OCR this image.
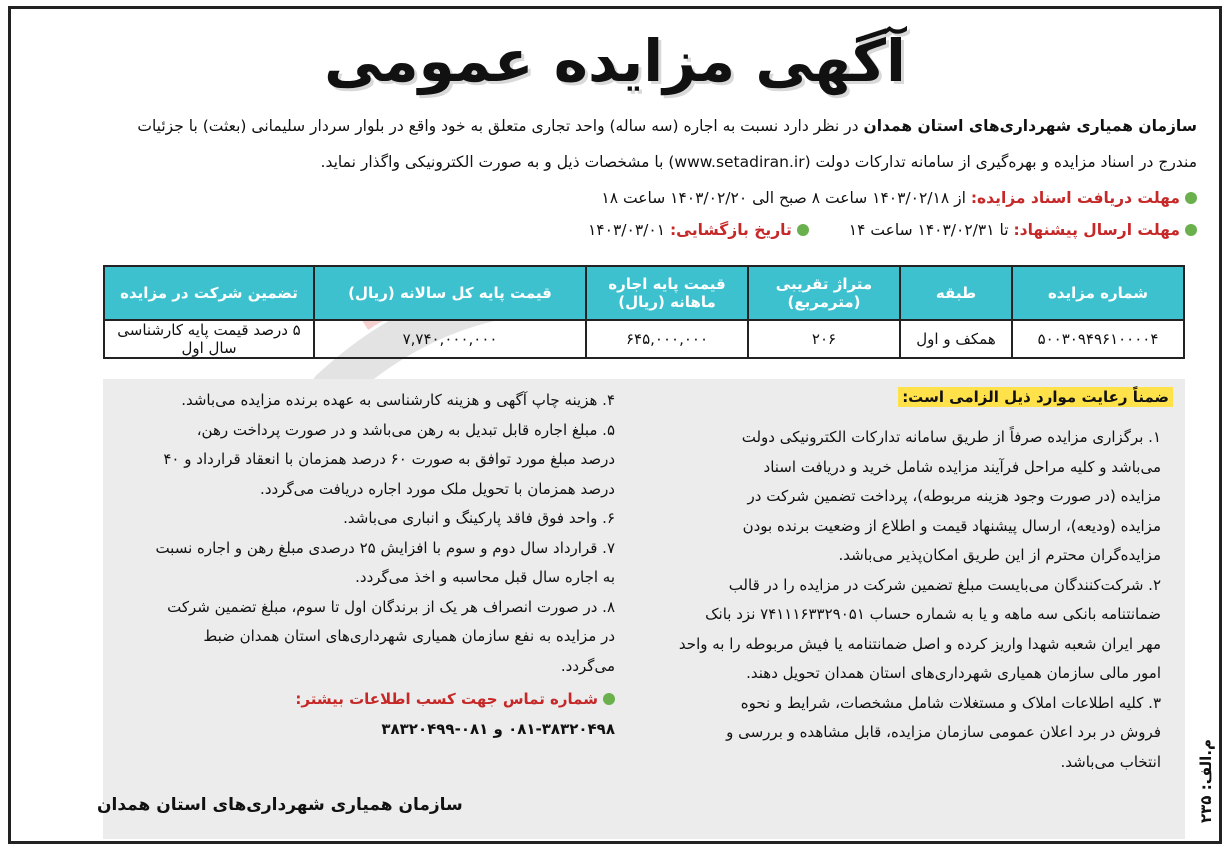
آگهی مزایده عمومی
سازمان همیاری شهرداری‌های استان همدان در نظر دارد نسبت به اجاره (سه ساله) واحد تجاری متعلق به خود واقع در بلوار سردار سلیمانی (بعثت) با جزئیات
مندرج در اسناد مزایده و بهره‌گیری از سامانه تدارکات دولت (www.setadiran.ir) با مشخصات ذیل و به صورت الکترونیکی واگذار نماید.
مهلت دریافت اسناد مزایده: از ۱۴۰۳/۰۲/۱۸ ساعت ۸ صبح الی ۱۴۰۳/۰۲/۲۰ ساعت ۱۸
مهلت ارسال پیشنهاد: تا ۱۴۰۳/۰۲/۳۱ ساعت ۱۴تاریخ بازگشایی: ۱۴۰۳/۰۳/۰۱
شماره مزایده	طبقه	متراژ تقریبی (مترمربع)	قیمت پایه اجاره ماهانه (ریال)	قیمت پایه کل سالانه (ریال)	تضمین شرکت در مزایده
۵۰۰۳۰۹۴۹۶۱۰۰۰۰۴	همکف و اول	۲۰۶	۶۴۵,۰۰۰,۰۰۰	۷,۷۴۰,۰۰۰,۰۰۰	۵ درصد قیمت پایه کارشناسی سال اول
ضمناً رعایت موارد ذیل الزامی است:
۱. برگزاری مزایده صرفاً از طریق سامانه تدارکات الکترونیکی دولت
می‌باشد و کلیه مراحل فرآیند مزایده شامل خرید و دریافت اسناد
مزایده (در صورت وجود هزینه مربوطه)، پرداخت تضمین شرکت در
مزایده (ودیعه)، ارسال پیشنهاد قیمت و اطلاع از وضعیت برنده بودن
مزایده‌گران محترم از این طریق امکان‌پذیر می‌باشد.
۲. شرکت‌کنندگان می‌بایست مبلغ تضمین شرکت در مزایده را در قالب
ضمانتنامه بانکی سه ماهه و یا به شماره حساب ۷۴۱۱۱۶۳۳۲۹۰۵۱ نزد بانک
مهر ایران شعبه شهدا واریز کرده و اصل ضمانتنامه یا فیش مربوطه را به واحد
امور مالی سازمان همیاری شهرداری‌های استان همدان تحویل دهند.
۳. کلیه اطلاعات املاک و مستغلات شامل مشخصات، شرایط و نحوه
فروش در برد اعلان عمومی سازمان مزایده، قابل مشاهده و بررسی و
انتخاب می‌باشد.
۴. هزینه چاپ آگهی و هزینه کارشناسی به عهده برنده مزایده می‌باشد.
۵. مبلغ اجاره قابل تبدیل به رهن می‌باشد و در صورت پرداخت رهن،
درصد مبلغ مورد توافق به صورت ۶۰ درصد همزمان با انعقاد قرارداد و ۴۰
درصد همزمان با تحویل ملک مورد اجاره دریافت می‌گردد.
۶. واحد فوق فاقد پارکینگ و انباری می‌باشد.
۷. قرارداد سال دوم و سوم با افزایش ۲۵ درصدی مبلغ رهن و اجاره نسبت
به اجاره سال قبل محاسبه و اخذ می‌گردد.
۸. در صورت انصراف هر یک از برندگان اول تا سوم، مبلغ تضمین شرکت
در مزایده به نفع سازمان همیاری شهرداری‌های استان همدان ضبط
می‌گردد.
شماره تماس جهت کسب اطلاعات بیشتر:
۰۸۱-۳۸۳۲۰۴۹۸ و ۰۸۱-۳۸۳۲۰۴۹۹
سازمان همیاری شهرداری‌های استان همدان	م.الف: ۲۳۵
